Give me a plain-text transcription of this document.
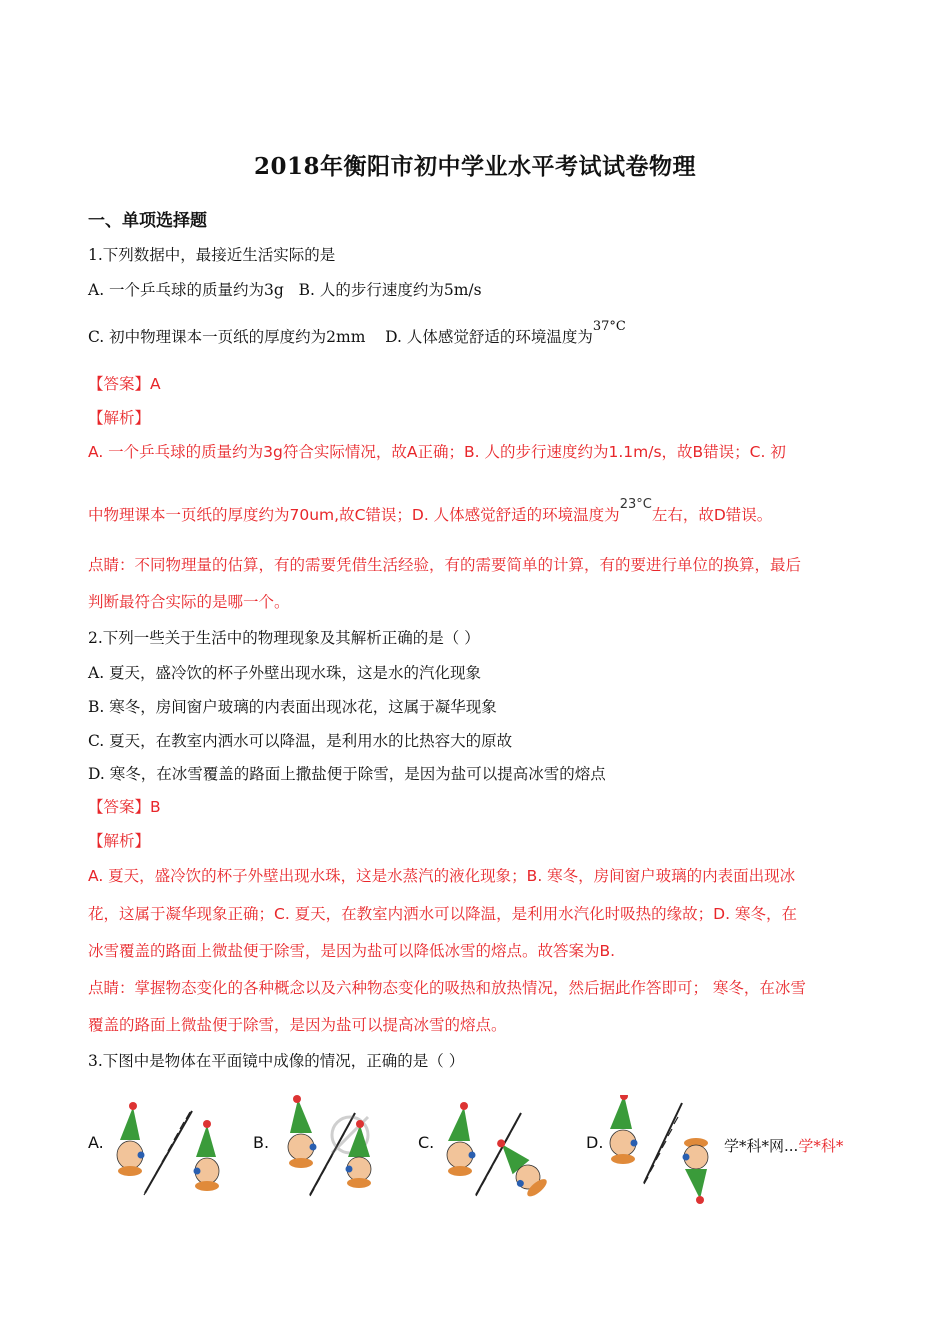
2018年衡阳市初中学业水平考试试卷物理
一、单项选择题
1.下列数据中，最接近生活实际的是
A. 一个乒乓球的质量约为3g B. 人的步行速度约为5m/s
C. 初中物理课本一页纸的厚度约为2mm D. 人体感觉舒适的环境温度为$^{37^\circ C}$
【答案】A
【解析】
A. 一个乒乓球的质量约为3g符合实际情况，故A正确；B. 人的步行速度约为1.1m/s，故B错误；C. 初
中物理课本一页纸的厚度约为70um,故C错误；D. 人体感觉舒适的环境温度为$^{23^\circ C}$左右，故D错误。
点睛：不同物理量的估算，有的需要凭借生活经验，有的需要简单的计算，有的要进行单位的换算，最后
判断最符合实际的是哪一个。
2.下列一些关于生活中的物理现象及其解析正确的是（ ）
A. 夏天，盛冷饮的杯子外壁出现水珠，这是水的汽化现象
B. 寒冬，房间窗户玻璃的内表面出现冰花，这属于凝华现象
C. 夏天，在教室内洒水可以降温，是利用水的比热容大的原故
D. 寒冬，在冰雪覆盖的路面上撒盐便于除雪，是因为盐可以提高冰雪的熔点
【答案】B
【解析】
A. 夏天，盛冷饮的杯子外壁出现水珠，这是水蒸汽的液化现象；B. 寒冬，房间窗户玻璃的内表面出现冰
花，这属于凝华现象正确；C. 夏天，在教室内洒水可以降温，是利用水汽化时吸热的缘故；D. 寒冬，在
冰雪覆盖的路面上微盐便于除雪，是因为盐可以降低冰雪的熔点。故答案为B.
点睛：掌握物态变化的各种概念以及六种物态变化的吸热和放热情况，然后据此作答即可； 寒冬，在冰雪
覆盖的路面上微盐便于除雪，是因为盐可以提高冰雪的熔点。
3.下图中是物体在平面镜中成像的情况，正确的是（ ）
A.	B.	C.	D.	学*科*网...学*科*
